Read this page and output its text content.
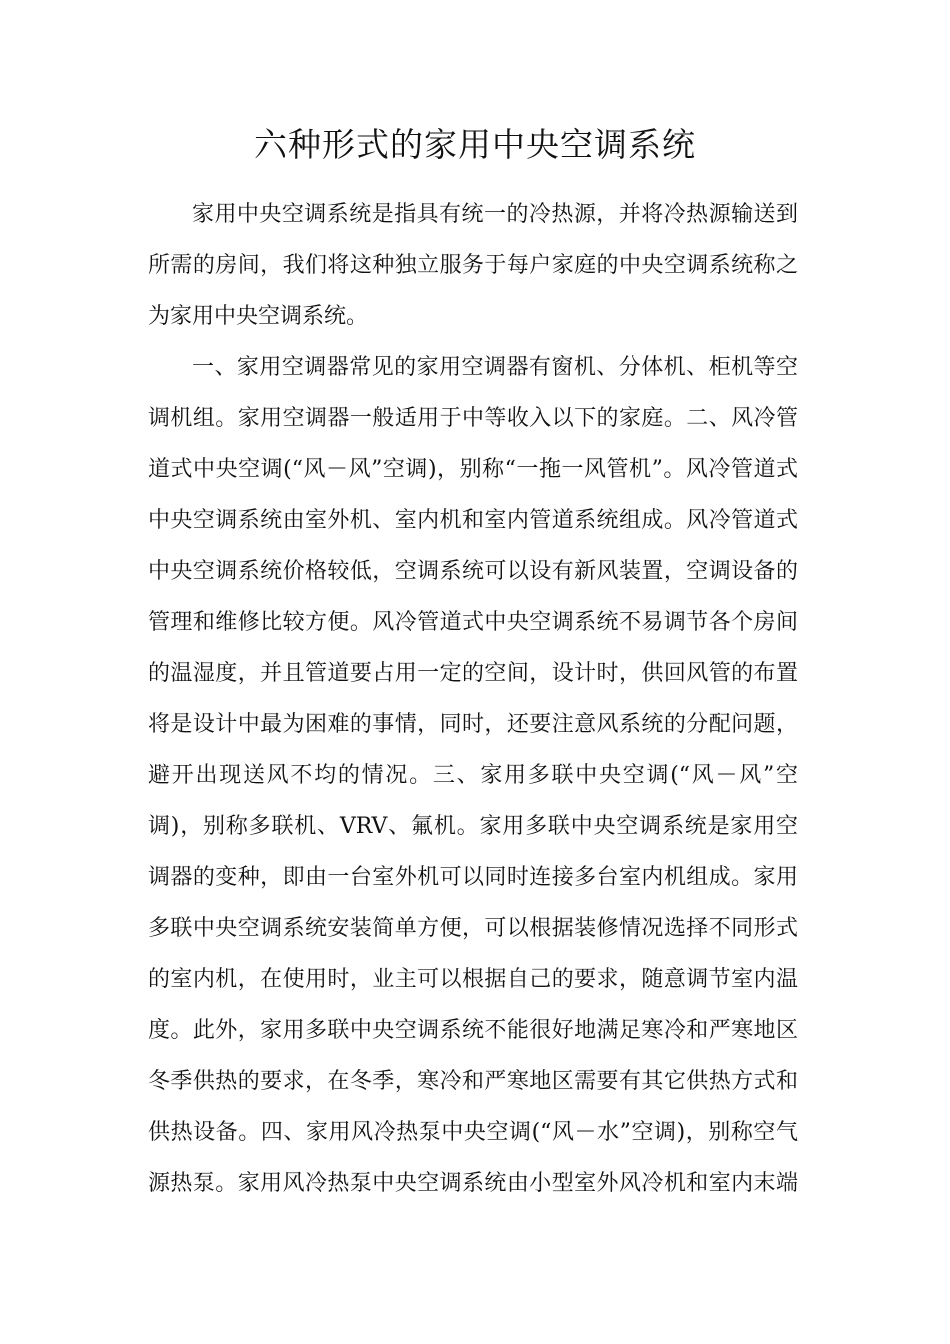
六种形式的家用中央空调系统
家用中央空调系统是指具有统一的冷热源，并将冷热源输送到
所需的房间，我们将这种独立服务于每户家庭的中央空调系统称之
为家用中央空调系统。
一、家用空调器常见的家用空调器有窗机、分体机、柜机等空
调机组。家用空调器一般适用于中等收入以下的家庭。二、风冷管
道式中央空调(“风－风”空调)，别称“一拖一风管机”。风冷管道式
中央空调系统由室外机、室内机和室内管道系统组成。风冷管道式
中央空调系统价格较低，空调系统可以设有新风装置，空调设备的
管理和维修比较方便。风冷管道式中央空调系统不易调节各个房间
的温湿度，并且管道要占用一定的空间，设计时，供回风管的布置
将是设计中最为困难的事情，同时，还要注意风系统的分配问题，
避开出现送风不均的情况。三、家用多联中央空调(“风－风”空
调)，别称多联机、VRV、氟机。家用多联中央空调系统是家用空
调器的变种，即由一台室外机可以同时连接多台室内机组成。家用
多联中央空调系统安装简单方便，可以根据装修情况选择不同形式
的室内机，在使用时，业主可以根据自己的要求，随意调节室内温
度。此外，家用多联中央空调系统不能很好地满足寒冷和严寒地区
冬季供热的要求，在冬季，寒冷和严寒地区需要有其它供热方式和
供热设备。四、家用风冷热泵中央空调(“风－水”空调)，别称空气
源热泵。家用风冷热泵中央空调系统由小型室外风冷机和室内末端
